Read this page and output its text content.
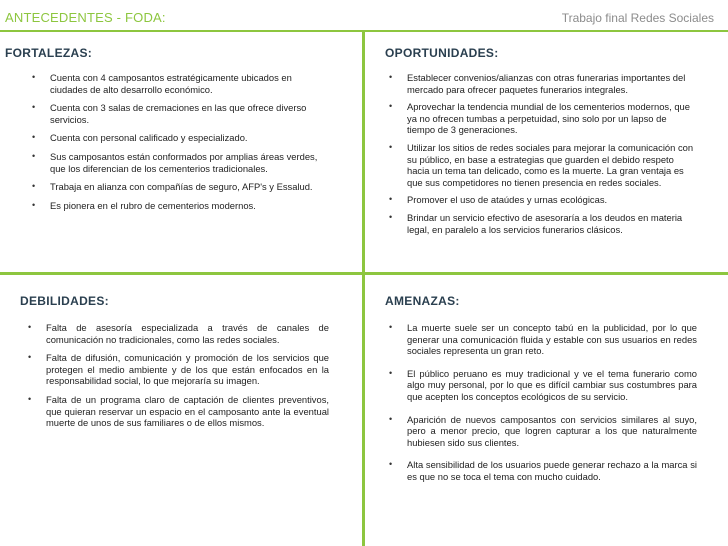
ANTECEDENTES - FODA:	Trabajo final Redes Sociales
FORTALEZAS:
• Cuenta con 4 camposantos estratégicamente ubicados en ciudades de alto desarrollo económico.
• Cuenta con 3 salas de cremaciones en las que ofrece diverso servicios.
• Cuenta con personal calificado y especializado.
• Sus camposantos están conformados por amplias áreas verdes, que los diferencian de los cementerios tradicionales.
• Trabaja en alianza con compañías de seguro, AFP's y Essalud.
• Es pionera en el rubro de cementerios modernos.
OPORTUNIDADES:
• Establecer convenios/alianzas con otras funerarias importantes del mercado para ofrecer paquetes funerarios integrales.
• Aprovechar la tendencia mundial de los cementerios modernos, que ya no ofrecen tumbas a perpetuidad, sino solo por un lapso de tiempo de 3 generaciones.
• Utilizar los sitios de redes sociales para mejorar la comunicación con su público, en base a estrategias que guarden el debido respeto hacia un tema tan delicado, como es la muerte. La gran ventaja es que sus competidores no tienen presencia en redes sociales.
• Promover el uso de ataúdes y urnas ecológicas.
• Brindar un servicio efectivo de asesoraría a los deudos en materia legal, en paralelo a los servicios funerarios clásicos.
DEBILIDADES:
• Falta de asesoría especializada a través de canales de comunicación no tradicionales, como las redes sociales.
• Falta de difusión, comunicación y promoción de los servicios que protegen el medio ambiente y de los que están enfocados en la responsabilidad social, lo que mejoraría su imagen.
• Falta de un programa claro de captación de clientes preventivos, que quieran reservar un espacio en el camposanto ante la eventual muerte de unos de sus familiares o de ellos mismos.
AMENAZAS:
• La muerte suele ser un concepto tabú en la publicidad, por lo que generar una comunicación fluida y estable con sus usuarios en redes sociales representa un gran reto.
• El público peruano es muy tradicional y ve el tema funerario como algo muy personal, por lo que es difícil cambiar sus costumbres para que acepten los conceptos ecológicos de su servicio.
• Aparición de nuevos camposantos con servicios similares al suyo, pero a menor precio, que logren capturar a los que naturalmente hubiesen sido sus clientes.
• Alta sensibilidad de los usuarios puede generar rechazo a la marca si es que no se toca el tema con mucho cuidado.
